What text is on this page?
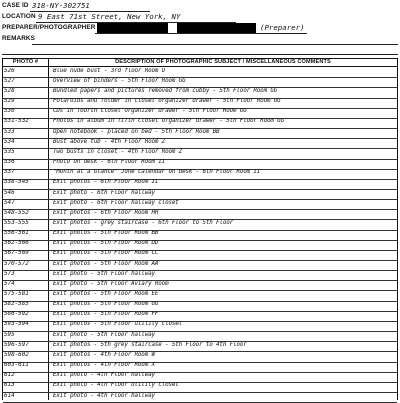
CASE ID 318-NY-302751
LOCATION 9 East 71st Street, New York, NY
PREPARER/PHOTOGRAPHER	(Preparer)
REMARKS
PHOTO #	DESCRIPTION OF PHOTOGRAPHIC SUBJECT / MISCELLANEOUS COMMENTS
526	Blue nude bust - 3rd floor Room U
527	Overview of binders - 5th Floor Room GG
528	Bundled papers and pictures removed from cubby - 5th Floor Room GG
529	Polaroids and folder in closet organizer drawer - 5th Floor Room GG
530	CDs in fourth closet organizer drawer - 5th Floor Room GG
531-532	Photos in album in fifth closet organizer drawer - 5th Floor Room GG
533	Open notebook - placed on bed - 5th Floor Room BB
534	Bust above tub - 4th Floor Room Z
535	Two busts in closet - 4th Floor Room Z
536	Photo on desk - 6th Floor Room II
537	"Month at a Glance" June calendar on desk - 6th Floor Room II
538-545	Exit photos - 6th Floor Room II
546	Exit photo - 6th Floor hallway
547	Exit photo - 6th Floor hallway closet
548-552	Exit photos - 6th Floor Room HH
553-555	Exit photos - grey staircase - 6th Floor to 5th Floor
556-561	Exit photos - 5th Floor Room BB
562-566	Exit photos - 5th Floor Room DD
567-569	Exit photos - 5th Floor Room CC
570-572	Exit photos - 5th Floor Room AA
573	Exit photo - 5th Floor hallway
574	Exit photo - 5th Floor Aviary Room
575-581	Exit photos - 5th Floor Room EE
582-585	Exit photos - 5th Floor Room GG
586-592	Exit photos - 5th Floor Room FF
593-594	Exit photos - 5th Floor utility closet
595	Exit photo - 5th Floor hallway
596-597	Exit photos - 5th grey staircase - 5th Floor to 4th Floor
598-602	Exit photos - 4th Floor Room W
603-611	Exit photos - 4th Floor Room X
612	Exit photo - 4th Floor hallway
613	Exit photo - 4th Floor utility closet
614	Exit photo - 4th Floor hallway
